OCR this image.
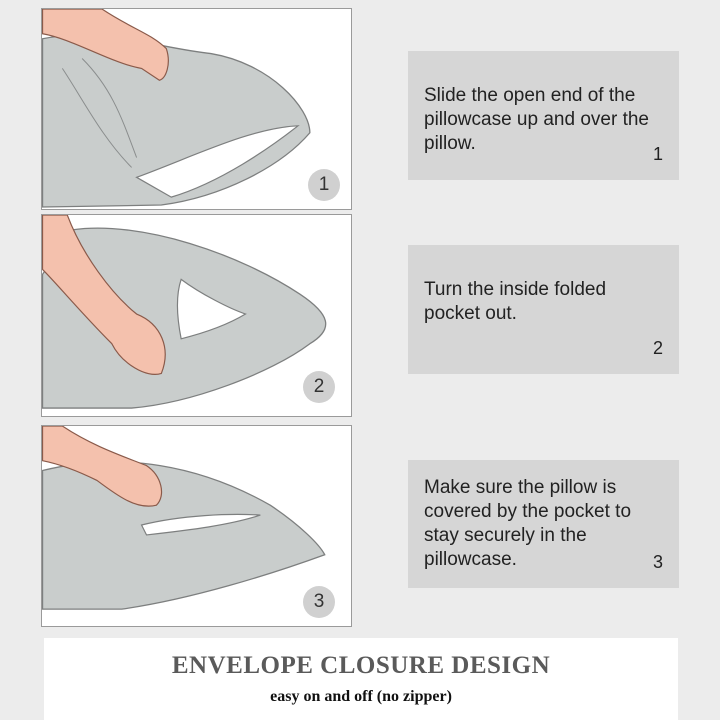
1
2
3
Slide the open end of the pillowcase up and over the pillow.	1
Turn the inside folded pocket out.
2
Make sure the pillow is covered by the pocket to stay securely in the pillowcase.	3
ENVELOPE CLOSURE DESIGN
easy on and off (no zipper)
